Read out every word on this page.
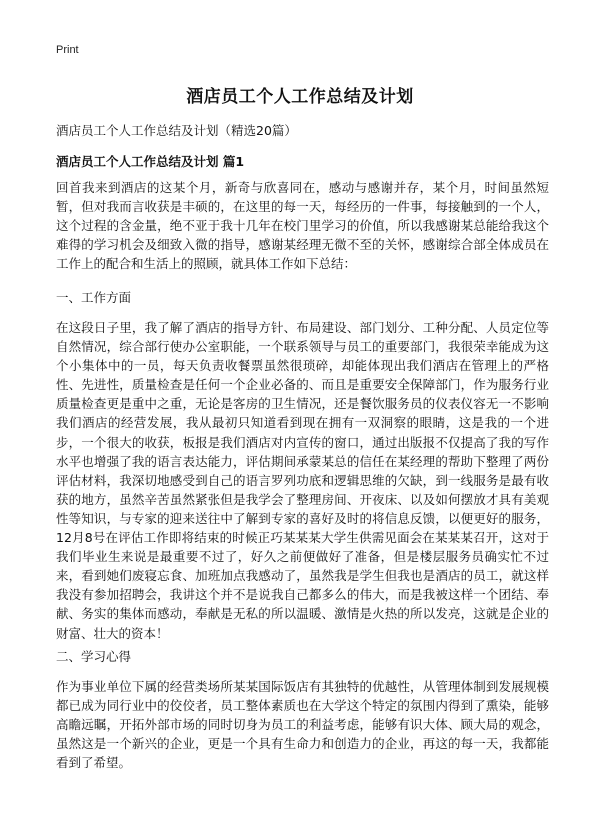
Print
酒店员工个人工作总结及计划
酒店员工个人工作总结及计划（精选20篇）
酒店员工个人工作总结及计划 篇1

回首我来到酒店的这某个月，新奇与欣喜同在，感动与感谢并存，某个月，时间虽然短暂，但对我而言收获是丰硕的，在这里的每一天，每经历的一件事，每接触到的一个人，这个过程的含金量，绝不亚于我十几年在校门里学习的价值，所以我感谢某总能给我这个难得的学习机会及细致入微的指导，感谢某经理无微不至的关怀，感谢综合部全体成员在工作上的配合和生活上的照顾，就具体工作如下总结：

一、工作方面

在这段日子里，我了解了酒店的指导方针、布局建设、部门划分、工种分配、人员定位等自然情况，综合部行使办公室职能，一个联系领导与员工的重要部门，我很荣幸能成为这个小集体中的一员，每天负责收餐票虽然很琐碎，却能体现出我们酒店在管理上的严格性、先进性，质量检查是任何一个企业必备的、而且是重要安全保障部门，作为服务行业质量检查更是重中之重，无论是客房的卫生情况，还是餐饮服务员的仪表仪容无一不影响我们酒店的经营发展，我从最初只知道看到现在拥有一双洞察的眼睛，这是我的一个进步，一个很大的收获，板报是我们酒店对内宣传的窗口，通过出版报不仅提高了我的写作水平也增强了我的语言表达能力，评估期间承蒙某总的信任在某经理的帮助下整理了两份评估材料，我深切地感受到自己的语言罗列功底和逻辑思维的欠缺，到一线服务是最有收获的地方，虽然辛苦虽然紧张但是我学会了整理房间、开夜床、以及如何摆放才具有美观性等知识，与专家的迎来送往中了解到专家的喜好及时的将信息反馈，以便更好的服务，12月8号在评估工作即将结束的时候正巧某某某大学生供需见面会在某某某召开，这对于我们毕业生来说是最重要不过了，好久之前便做好了准备，但是楼层服务员确实忙不过来，看到她们废寝忘食、加班加点我感动了，虽然我是学生但我也是酒店的员工，就这样我没有参加招聘会，我讲这个并不是说我自己都多么的伟大，而是我被这样一个团结、奉献、务实的集体而感动，奉献是无私的所以温暖、激情是火热的所以发亮，这就是企业的财富、壮大的资本！

二、学习心得

作为事业单位下属的经营类场所某某国际饭店有其独特的优越性，从管理体制到发展规模都已成为同行业中的佼佼者，员工整体素质也在大学这个特定的氛围内得到了熏染，能够高瞻远瞩，开拓外部市场的同时切身为员工的利益考虑，能够有识大体、顾大局的观念，虽然这是一个新兴的企业，更是一个具有生命力和创造力的企业，再这的每一天，我都能看到了希望。
